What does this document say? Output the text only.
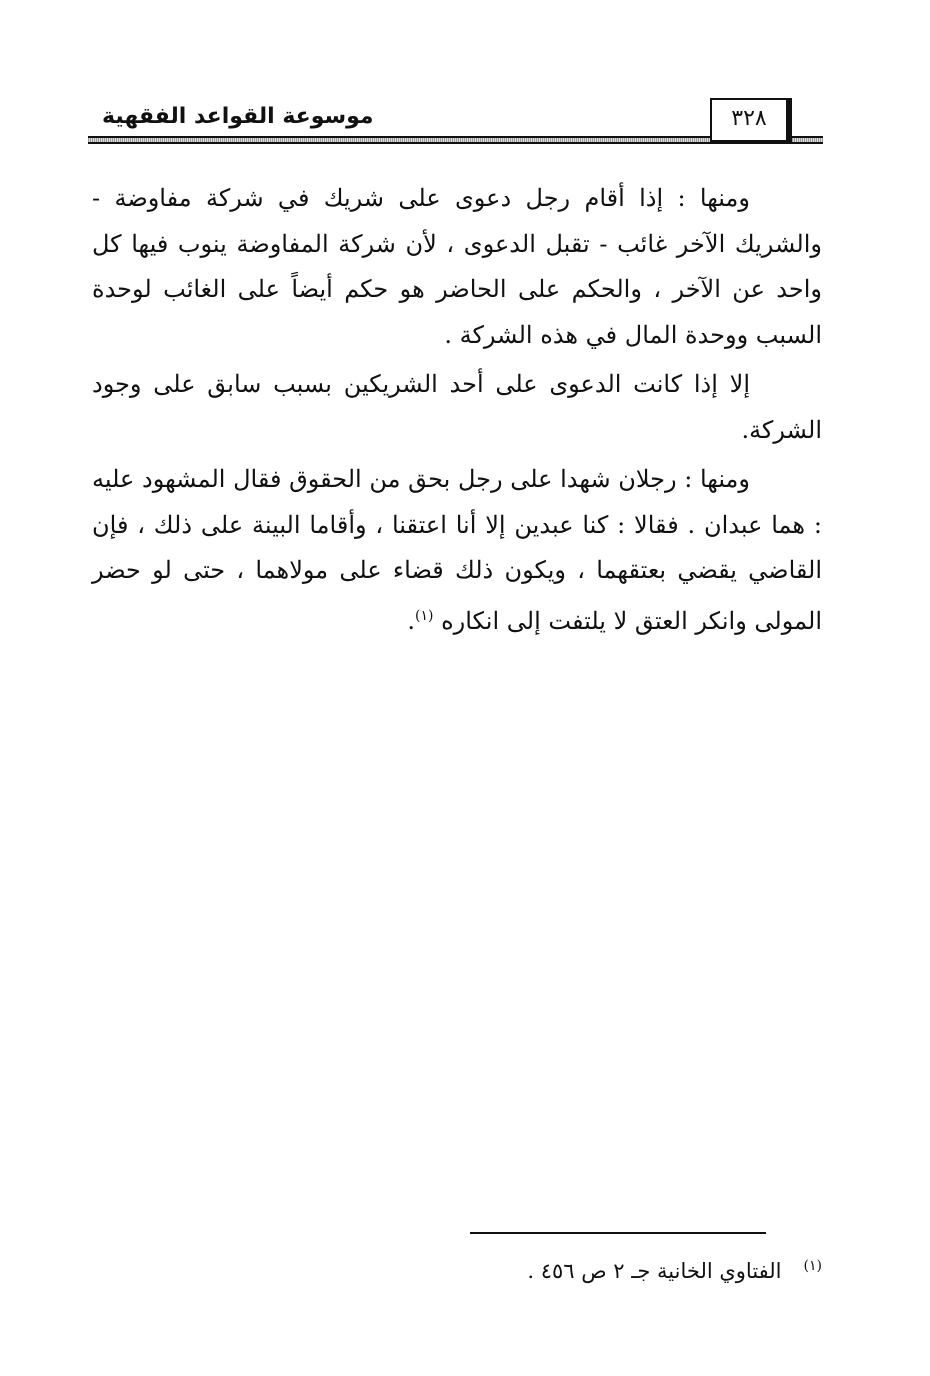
موسوعة القواعد الفقهية	٣٢٨

ومنها : إذا أقام رجل دعوى على شريك في شركة مفاوضة - والشريك الآخر غائب - تقبل الدعوى ، لأن شركة المفاوضة ينوب فيها كل واحد عن الآخر ، والحكم على الحاضر هو حكم أيضاً على الغائب لوحدة السبب ووحدة المال في هذه الشركة .

إلا إذا كانت الدعوى على أحد الشريكين بسبب سابق على وجود الشركة.

ومنها : رجلان شهدا على رجل بحق من الحقوق فقال المشهود عليه : هما عبدان . فقالا : كنا عبدين إلا أنا اعتقنا ، وأقاما البينة على ذلك ، فإن القاضي يقضي بعتقهما ، ويكون ذلك قضاء على مولاهما ، حتى لو حضر المولى وانكر العتق لا يلتفت إلى انكاره $^{(١)}$.

$^{(١)}$الفتاوي الخانية جـ ٢ ص ٤٥٦ .
